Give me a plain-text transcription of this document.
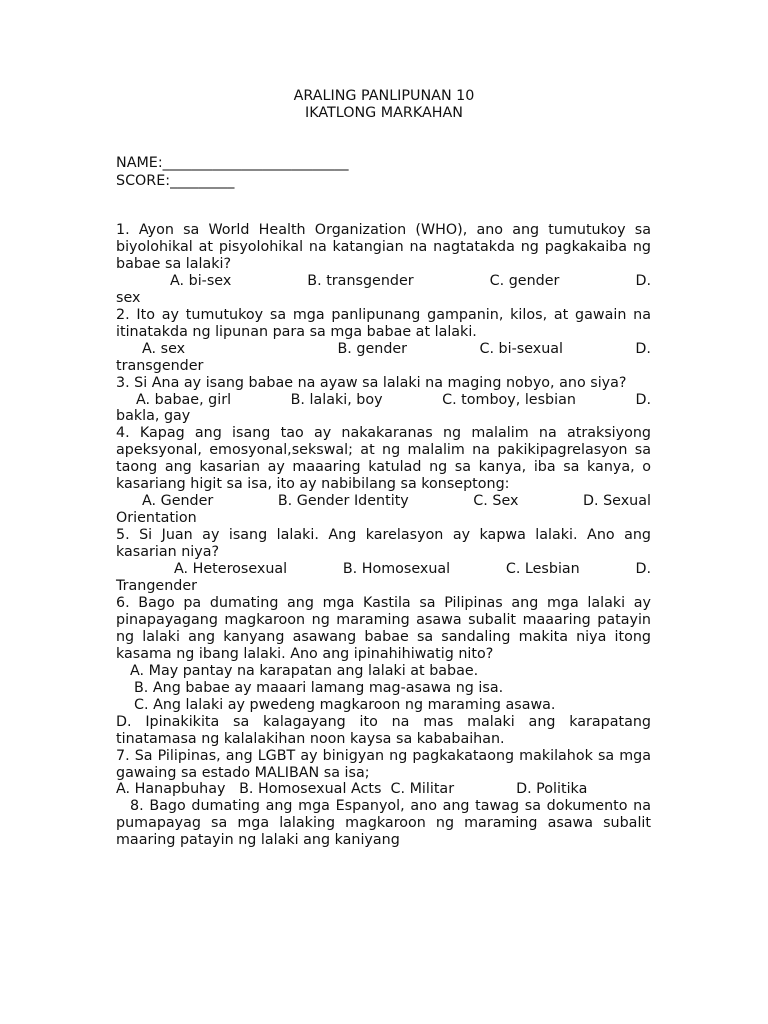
ARALING PANLIPUNAN 10
IKATLONG MARKAHAN
NAME:__________________________
SCORE:_________
1. Ayon sa World Health Organization (WHO), ano ang tumutukoy sa biyolohikal at pisyolohikal na katangian na nagtatakda ng pagkakaiba ng babae sa lalaki?
A. bi-sex	B. transgender	C. gender	D.
sex
2. Ito ay tumutukoy sa mga panlipunang gampanin, kilos, at gawain na itinatakda ng lipunan para sa mga babae at lalaki.
A. sex	B. gender	C. bi-sexual	D.
transgender
3. Si Ana ay isang babae na ayaw sa lalaki na maging nobyo, ano siya?
A. babae, girl	B. lalaki, boy	C. tomboy, lesbian	D.
bakla, gay
4. Kapag ang isang tao ay nakakaranas ng malalim na atraksiyong apeksyonal, emosyonal,sekswal; at ng malalim na pakikipagrelasyon sa taong ang kasarian ay maaaring katulad ng sa kanya, iba sa kanya, o kasariang higit sa isa, ito ay nabibilang sa konseptong:
A. Gender	B. Gender Identity	C. Sex	D. Sexual
Orientation
5. Si Juan ay isang lalaki. Ang karelasyon ay kapwa lalaki. Ano ang kasarian niya?
A. Heterosexual	B. Homosexual	C. Lesbian	D.
Trangender
6. Bago pa dumating ang mga Kastila sa Pilipinas ang mga lalaki ay pinapayagang magkaroon ng maraming asawa subalit maaaring patayin ng lalaki ang kanyang asawang babae sa sandaling makita niya itong kasama ng ibang lalaki. Ano ang ipinahihiwatig nito?
A. May pantay na karapatan ang lalaki at babae.
B. Ang babae ay maaari lamang mag-asawa ng isa.
C. Ang lalaki ay pwedeng magkaroon ng maraming asawa.
D. Ipinakikita sa kalagayang ito na mas malaki ang karapatang tinatamasa ng kalalakihan noon kaysa sa kababaihan.
7. Sa Pilipinas, ang LGBT ay binigyan ng pagkakataong makilahok sa mga gawaing sa estado MALIBAN sa isa;
A. Hanapbuhay B. Homosexual Acts C. Militar	D. Politika
8. Bago dumating ang mga Espanyol, ano ang tawag sa dokumento na pumapayag sa mga lalaking magkaroon ng maraming asawa subalit maaring patayin ng lalaki ang kaniyang
